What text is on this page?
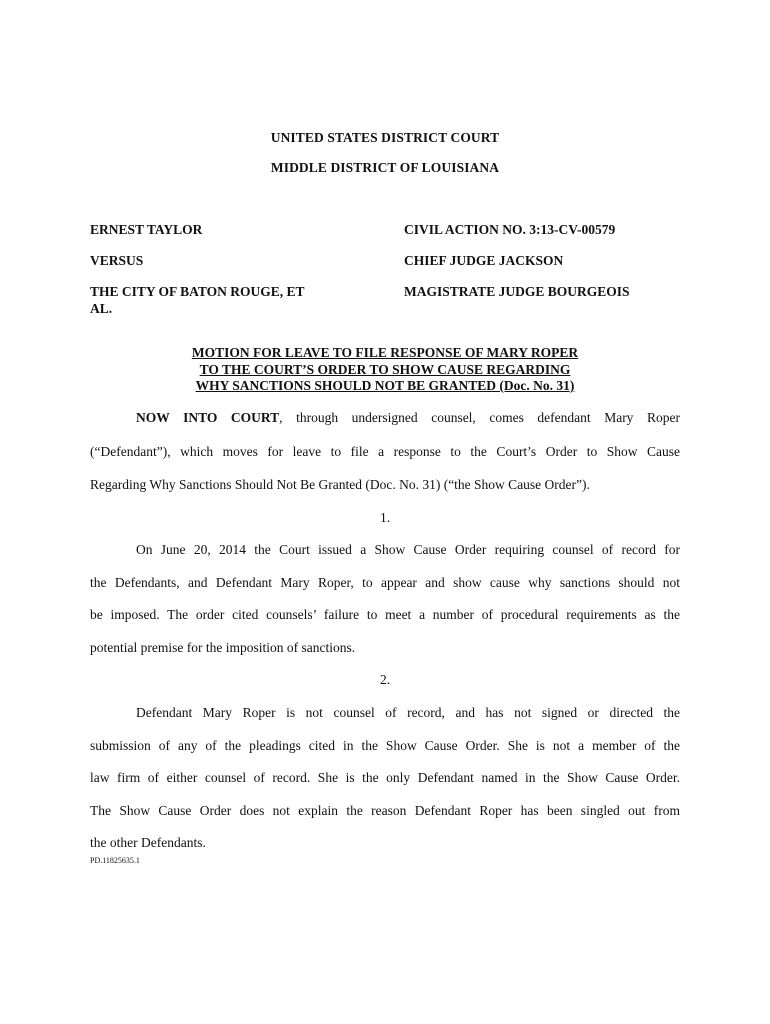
UNITED STATES DISTRICT COURT
MIDDLE DISTRICT OF LOUISIANA
ERNEST TAYLOR
VERSUS
THE CITY OF BATON ROUGE, ET
AL.
CIVIL ACTION NO. 3:13-CV-00579
CHIEF JUDGE JACKSON
MAGISTRATE JUDGE BOURGEOIS
MOTION FOR LEAVE TO FILE RESPONSE OF MARY ROPER
TO THE COURT’S ORDER TO SHOW CAUSE REGARDING
WHY SANCTIONS SHOULD NOT BE GRANTED (Doc. No. 31)
NOW INTO COURT, through undersigned counsel, comes defendant Mary Roper
(“Defendant”), which moves for leave to file a response to the Court’s Order to Show Cause
Regarding Why Sanctions Should Not Be Granted (Doc. No. 31) (“the Show Cause Order”).
1.
On June 20, 2014 the Court issued a Show Cause Order requiring counsel of record for
the Defendants, and Defendant Mary Roper, to appear and show cause why sanctions should not
be imposed. The order cited counsels’ failure to meet a number of procedural requirements as the
potential premise for the imposition of sanctions.
2.
Defendant Mary Roper is not counsel of record, and has not signed or directed the
submission of any of the pleadings cited in the Show Cause Order. She is not a member of the
law firm of either counsel of record. She is the only Defendant named in the Show Cause Order.
The Show Cause Order does not explain the reason Defendant Roper has been singled out from
the other Defendants.
PD.11825635.1
